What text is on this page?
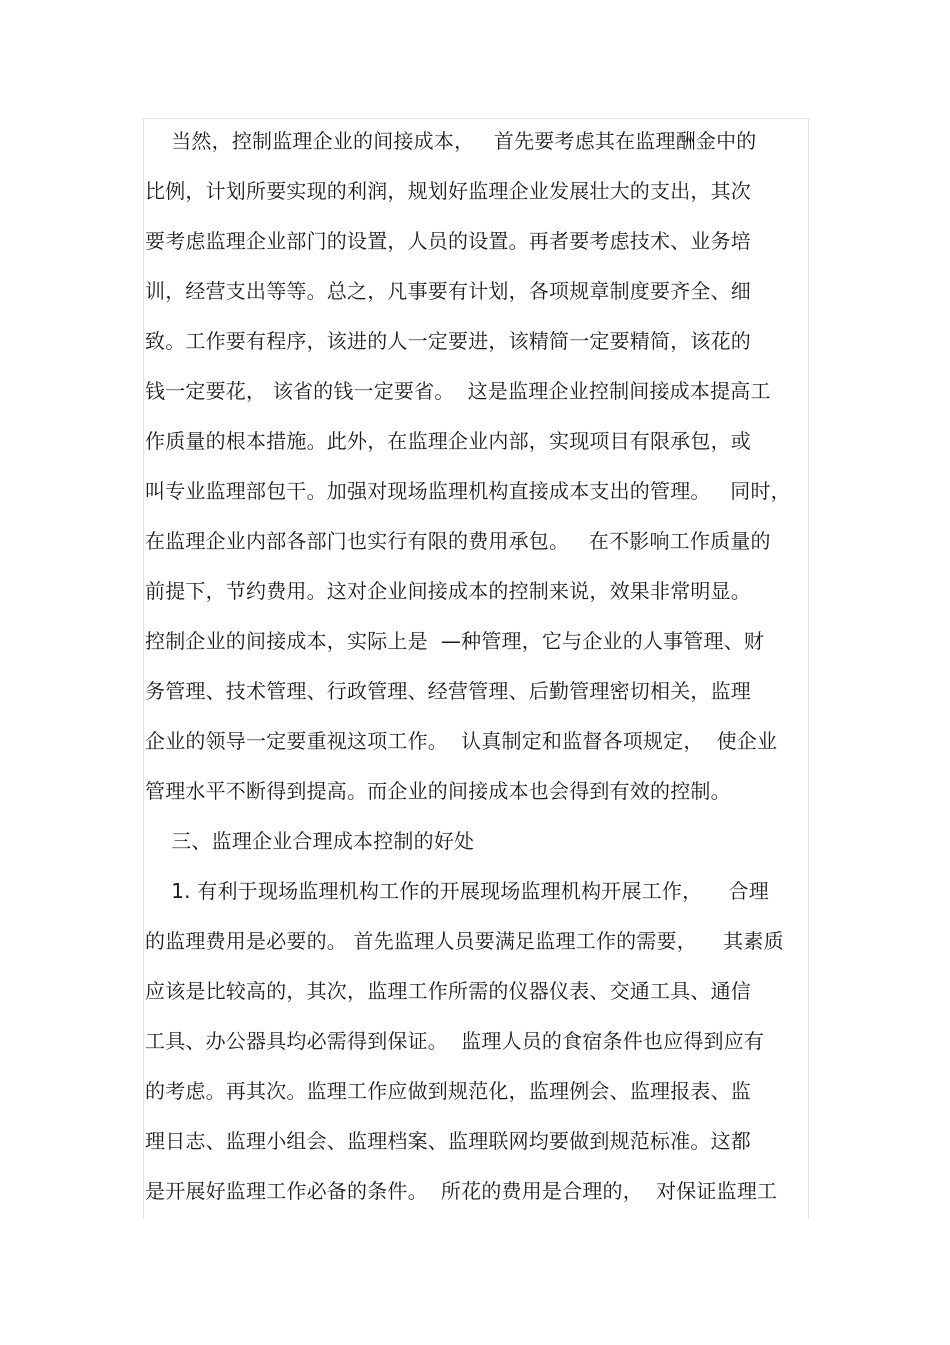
当然，控制监理企业的间接成本，   首先要考虑其在监理酬金中的
比例，计划所要实现的利润，规划好监理企业发展壮大的支出，其次
要考虑监理企业部门的设置，人员的设置。再者要考虑技术、业务培
训，经营支出等等。总之，凡事要有计划，各项规章制度要齐全、细
致。工作要有程序，该进的人一定要进，该精简一定要精简，该花的
钱一定要花， 该省的钱一定要省。  这是监理企业控制间接成本提高工
作质量的根本措施。此外，在监理企业内部，实现项目有限承包，或
叫专业监理部包干。加强对现场监理机构直接成本支出的管理。   同时，
在监理企业内部各部门也实行有限的费用承包。   在不影响工作质量的
前提下，节约费用。这对企业间接成本的控制来说，效果非常明显。
控制企业的间接成本，实际上是  —种管理，它与企业的人事管理、财
务管理、技术管理、行政管理、经营管理、后勤管理密切相关，监理
企业的领导一定要重视这项工作。  认真制定和监督各项规定，  使企业
管理水平不断得到提高。而企业的间接成本也会得到有效的控制。
三、监理企业合理成本控制的好处
1. 有利于现场监理机构工作的开展现场监理机构开展工作，    合理
的监理费用是必要的。 首先监理人员要满足监理工作的需要，    其素质
应该是比较高的，其次，监理工作所需的仪器仪表、交通工具、通信
工具、办公器具均必需得到保证。  监理人员的食宿条件也应得到应有
的考虑。再其次。监理工作应做到规范化，监理例会、监理报表、监
理日志、监理小组会、监理档案、监理联网均要做到规范标准。这都
是开展好监理工作必备的条件。  所花的费用是合理的，  对保证监理工
